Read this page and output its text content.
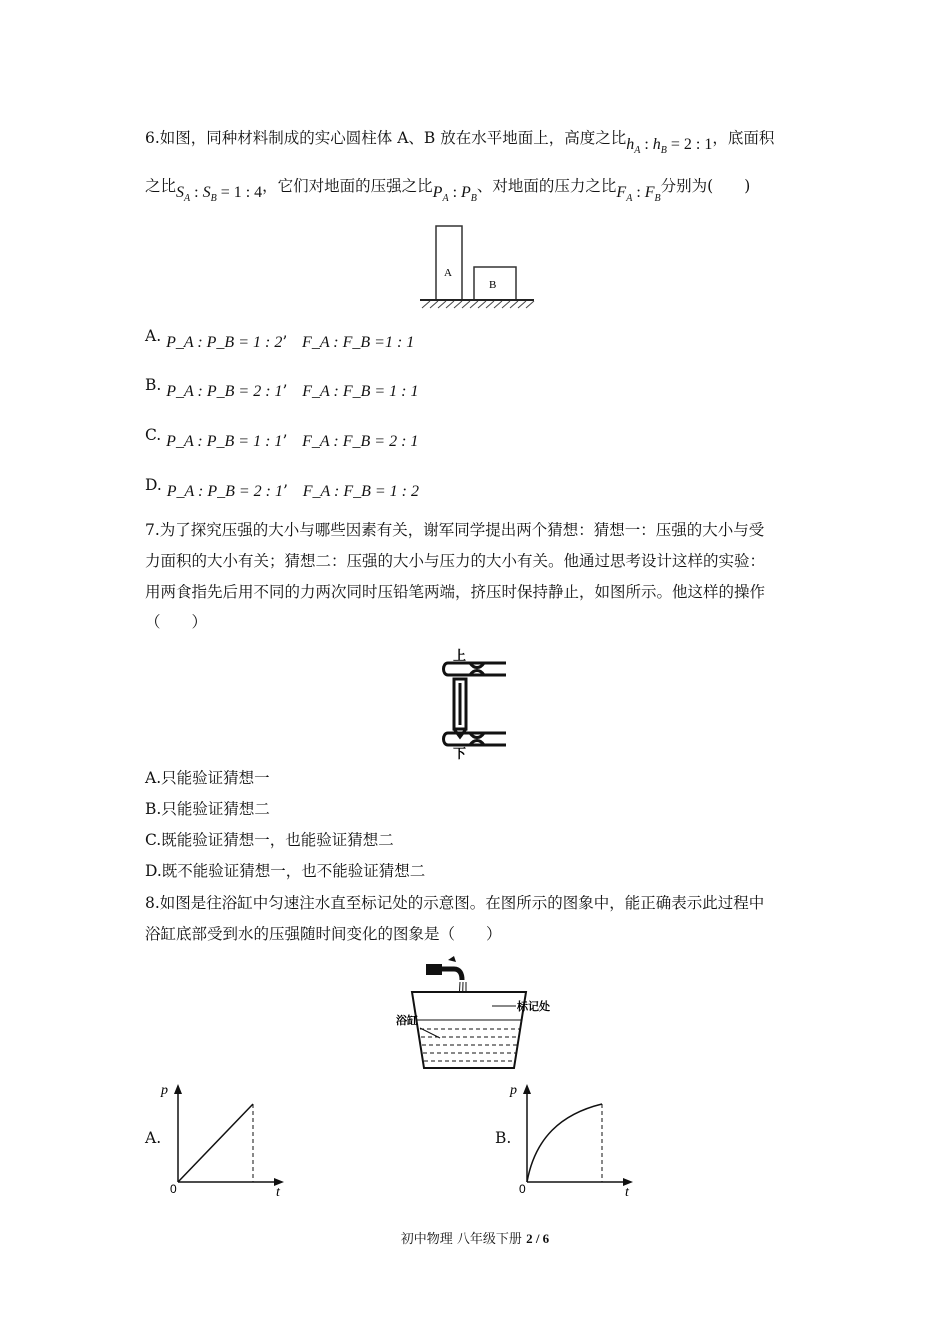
6.如图，同种材料制成的实心圆柱体 A、B 放在水平地面上，高度之比$h_A$ : $h_B = 2$ : 1，底面积
之比$S_A$ : $S_B = 1$ : 4，它们对地面的压强之比$P_A$ : $P_B$、对地面的压力之比$F_A$ : $F_B$分别为(　　)
A
B
A. P_A : P_B = 1 : 2’   F_A : F_B =1 : 1
B. P_A : P_B = 2 : 1’   F_A : F_B = 1 : 1
C. P_A : P_B = 1 : 1’   F_A : F_B = 2 : 1
D. P_A : P_B = 2 : 1’   F_A : F_B = 1 : 2
7.为了探究压强的大小与哪些因素有关，谢军同学提出两个猜想：猜想一：压强的大小与受
力面积的大小有关；猜想二：压强的大小与压力的大小有关。他通过思考设计这样的实验：
用两食指先后用不同的力两次同时压铅笔两端，挤压时保持静止，如图所示。他这样的操作
（　　）
上
下
A.只能验证猜想一
B.只能验证猜想二
C.既能验证猜想一，也能验证猜想二
D.既不能验证猜想一，也不能验证猜想二
8.如图是往浴缸中匀速注水直至标记处的示意图。在图所示的图象中，能正确表示此过程中
浴缸底部受到水的压强随时间变化的图象是（　　）
标记处
浴缸
A.
p
t
0
B.
p
t
0
初中物理 八年级下册 2 / 6
